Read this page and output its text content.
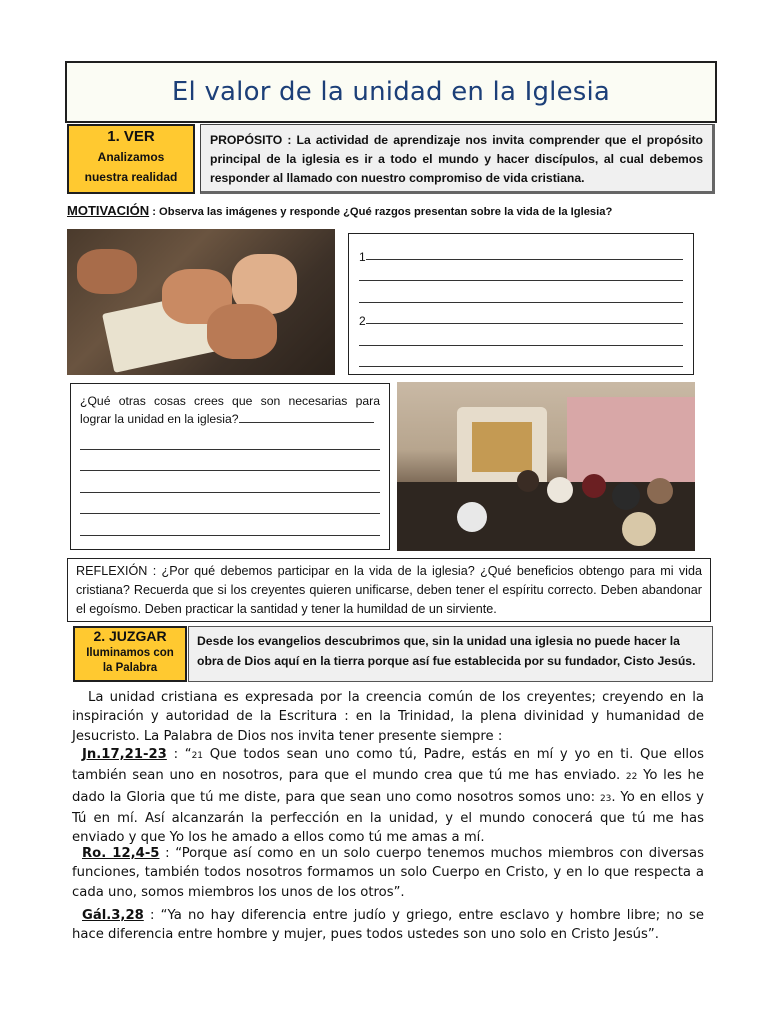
El valor de la unidad en la Iglesia
1. VER
Analizamos
nuestra realidad
PROPÓSITO : La actividad de aprendizaje nos invita comprender que el propósito principal de la iglesia es ir a todo el mundo y hacer discípulos, al cual debemos responder al llamado con nuestro compromiso de vida cristiana.
MOTIVACIÓN : Observa las imágenes y responde ¿Qué razgos presentan sobre la vida de la Iglesia?
1
2
¿Qué otras cosas crees que son necesarias para lograr la unidad en la iglesia?
REFLEXIÓN : ¿Por qué debemos participar en la vida de la iglesia? ¿Qué beneficios obtengo para mi vida cristiana? Recuerda que si los creyentes quieren unificarse, deben tener el espíritu correcto. Deben abandonar el egoísmo. Deben practicar la santidad y tener la humildad de un sirviente.
2. JUZGAR
Iluminamos con
la Palabra
Desde los evangelios descubrimos que, sin la unidad una iglesia no puede hacer la obra de Dios aquí en la tierra porque así fue establecida por su fundador, Cisto Jesús.
La unidad cristiana es expresada por la creencia común de los creyentes; creyendo en la inspiración y autoridad de la Escritura : en la Trinidad, la plena divinidad y humanidad de Jesucristo. La Palabra de Dios nos invita tener presente siempre :
Jn.17,21-23 : “21 Que todos sean uno como tú, Padre, estás en mí y yo en ti. Que ellos también sean uno en nosotros, para que el mundo crea que tú me has enviado. 22 Yo les he dado la Gloria que tú me diste, para que sean uno como nosotros somos uno: 23. Yo en ellos y Tú en mí. Así alcanzarán la perfección en la unidad, y el mundo conocerá que tú me has enviado y que Yo los he amado a ellos como tú me amas a mí.
Ro. 12,4-5 : “Porque así como en un solo cuerpo tenemos muchos miembros con diversas funciones, también todos nosotros formamos un solo Cuerpo en Cristo, y en lo que respecta a cada uno, somos miembros los unos de los otros”.
Gál.3,28 : “Ya no hay diferencia entre judío y griego, entre esclavo y hombre libre; no se hace diferencia entre hombre y mujer, pues todos ustedes son uno solo en Cristo Jesús”.
